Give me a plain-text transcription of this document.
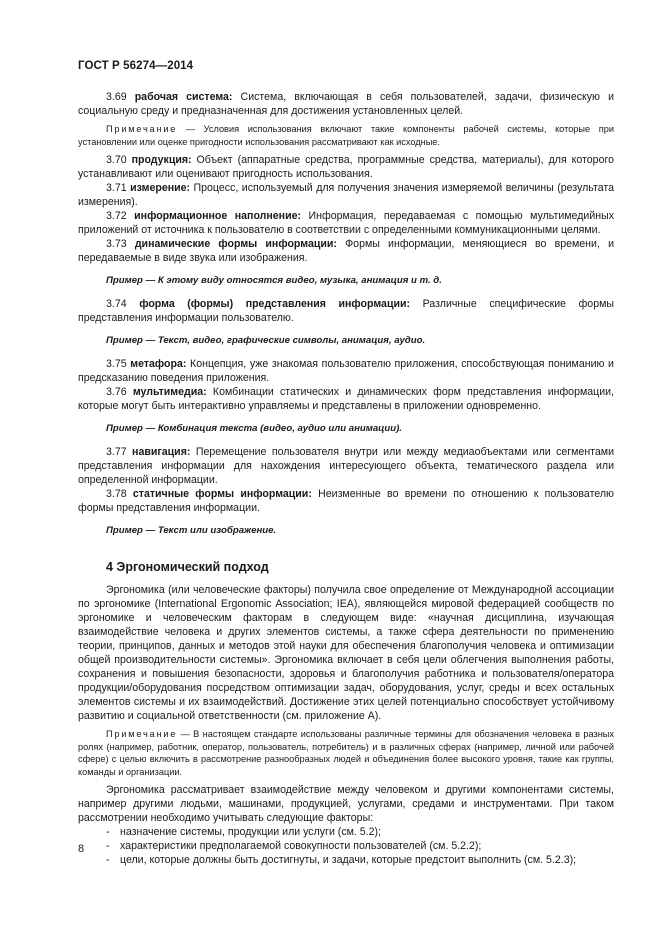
ГОСТ Р 56274—2014

3.69 рабочая система: Система, включающая в себя пользователей, задачи, физическую и социальную среду и предназначенная для достижения установленных целей.

Примечание — Условия использования включают такие компоненты рабочей системы, которые при установлении или оценке пригодности использования рассматривают как исходные.

3.70 продукция: Объект (аппаратные средства, программные средства, материалы), для которого устанавливают или оценивают пригодность использования.

3.71 измерение: Процесс, используемый для получения значения измеряемой величины (результата измерения).

3.72 информационное наполнение: Информация, передаваемая с помощью мультимедийных приложений от источника к пользователю в соответствии с определенными коммуникационными целями.

3.73 динамические формы информации: Формы информации, меняющиеся во времени, и передаваемые в виде звука или изображения.

Пример — К этому виду относятся видео, музыка, анимация и т. д.

3.74 форма (формы) представления информации: Различные специфические формы представления информации пользователю.

Пример — Текст, видео, графические символы, анимация, аудио.

3.75 метафора: Концепция, уже знакомая пользователю приложения, способствующая пониманию и предсказанию поведения приложения.

3.76 мультимедиа: Комбинации статических и динамических форм представления информации, которые могут быть интерактивно управляемы и представлены в приложении одновременно.

Пример — Комбинация текста (видео, аудио или анимации).

3.77 навигация: Перемещение пользователя внутри или между медиаобъектами или сегментами представления информации для нахождения интересующего объекта, тематического раздела или определенной информации.

3.78 статичные формы информации: Неизменные во времени по отношению к пользователю формы представления информации.

Пример — Текст или изображение.

4 Эргономический подход

Эргономика (или человеческие факторы) получила свое определение от Международной ассоциации по эргономике (International Ergonomic Association; IEA), являющейся мировой федерацией сообществ по эргономике и человеческим факторам в следующем виде: «научная дисциплина, изучающая взаимодействие человека и других элементов системы, а также сфера деятельности по применению теории, принципов, данных и методов этой науки для обеспечения благополучия человека и оптимизации общей производительности системы». Эргономика включает в себя цели облегчения выполнения работы, сохранения и повышения безопасности, здоровья и благополучия работника и пользователя/оператора продукции/оборудования посредством оптимизации задач, оборудования, услуг, среды и всех остальных элементов системы и их взаимодействий. Достижение этих целей потенциально способствует устойчивому развитию и социальной ответственности (см. приложение А).

Примечание — В настоящем стандарте использованы различные термины для обозначения человека в разных ролях (например, работник, оператор, пользователь, потребитель) и в различных сферах (например, личной или рабочей сфере) с целью включить в рассмотрение разнообразных людей и объединения более высокого уровня, такие как группы, команды и организации.

Эргономика рассматривает взаимодействие между человеком и другими компонентами системы, например другими людьми, машинами, продукцией, услугами, средами и инструментами. При таком рассмотрении необходимо учитывать следующие факторы:

- назначение системы, продукции или услуги (см. 5.2);

- характеристики предполагаемой совокупности пользователей (см. 5.2.2);

- цели, которые должны быть достигнуты, и задачи, которые предстоит выполнить (см. 5.2.3);

8
